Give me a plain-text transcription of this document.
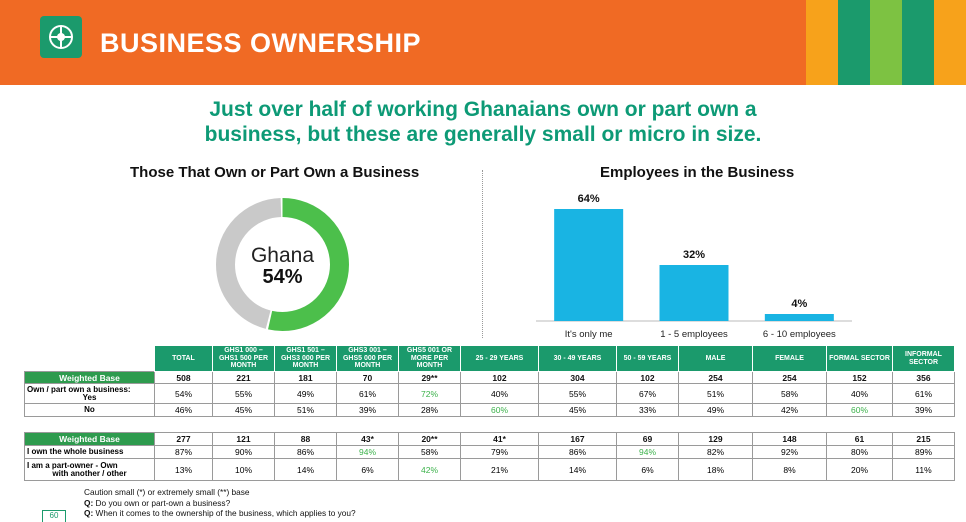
BUSINESS OWNERSHIP
Just over half of working Ghanaians own or part own a
business, but these are generally small or micro in size.
Those That Own or Part Own a Business	Employees in the Business
Ghana
54%
64%
It's only me
32%
1 - 5 employees
4%
6 - 10 employees
	TOTAL	GHS1 000 – GHS1 500 PER MONTH	GHS1 501 – GHS3 000 PER MONTH	GHS3 001 – GHS5 000 PER MONTH	GHS5 001 OR MORE PER MONTH	25 - 29 YEARS	30 - 49 YEARS	50 - 59 YEARS	MALE	FEMALE	FORMAL SECTOR	INFORMAL SECTOR
Weighted Base	508	221	181	70	29**	102	304	102	254	254	152	356

Own / part own a business:
Yes	54%	55%	49%	61%	72%	40%	55%	67%	51%	58%	40%	61%
No	46%	45%	51%	39%	28%	60%	45%	33%	49%	42%	60%	39%
Weighted Base	277	121	88	43*	20**	41*	167	69	129	148	61	215
I own the whole business	87%	90%	86%	94%	58%	79%	86%	94%	82%	92%	80%	89%

I am a part-owner - Own
with another / other	13%	10%	14%	6%	42%	21%	14%	6%	18%	8%	20%	11%
Caution small (*) or extremely small (**) base
Q: Do you own or part-own a business?
Q: When it comes to the ownership of the business, which applies to you?
60
